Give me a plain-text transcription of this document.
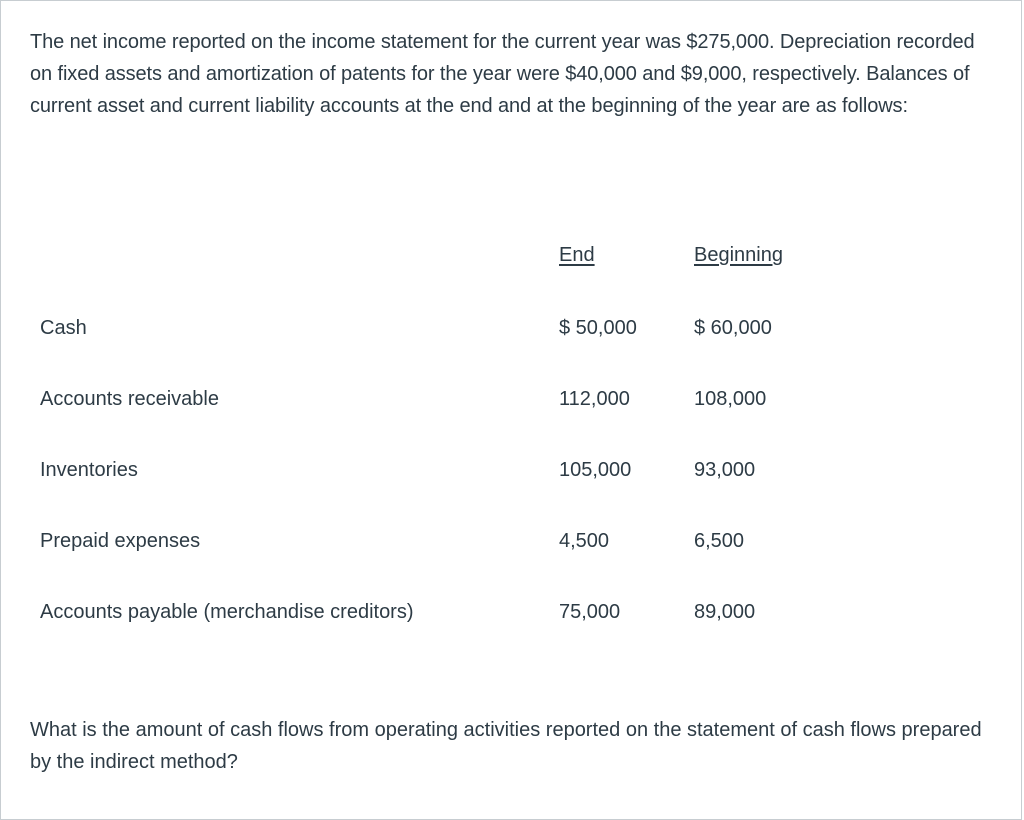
The net income reported on the income statement for the current year was $275,000. Depreciation recorded on fixed assets and amortization of patents for the year were $40,000 and $9,000, respectively. Balances of current asset and current liability accounts at the end and at the beginning of the year are as follows:

End	Beginning
Cash	$ 50,000	$ 60,000
Accounts receivable	112,000	108,000
Inventories	105,000	93,000
Prepaid expenses	4,500	6,500
Accounts payable (merchandise creditors)	75,000	89,000

What is the amount of cash flows from operating activities reported on the statement of cash flows prepared by the indirect method?
